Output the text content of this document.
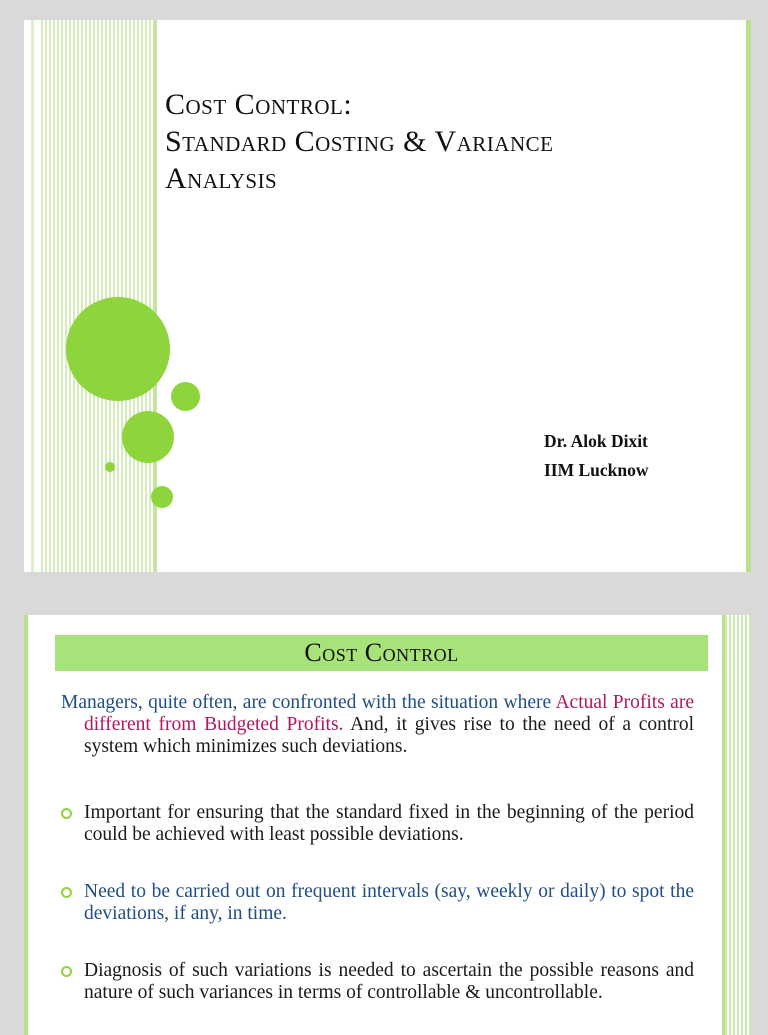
Cost Control:
Standard Costing & Variance
Analysis
Dr. Alok Dixit
IIM Lucknow
Cost Control

Managers, quite often, are confronted with the situation where Actual Profits are different from Budgeted Profits. And, it gives rise to the need of a control system which minimizes such deviations.

Important for ensuring that the standard fixed in the beginning of the period could be achieved with least possible deviations.
Need to be carried out on frequent intervals (say, weekly or daily) to spot the deviations, if any, in time.
Diagnosis of such variations is needed to ascertain the possible reasons and nature of such variances in terms of controllable & uncontrollable.
